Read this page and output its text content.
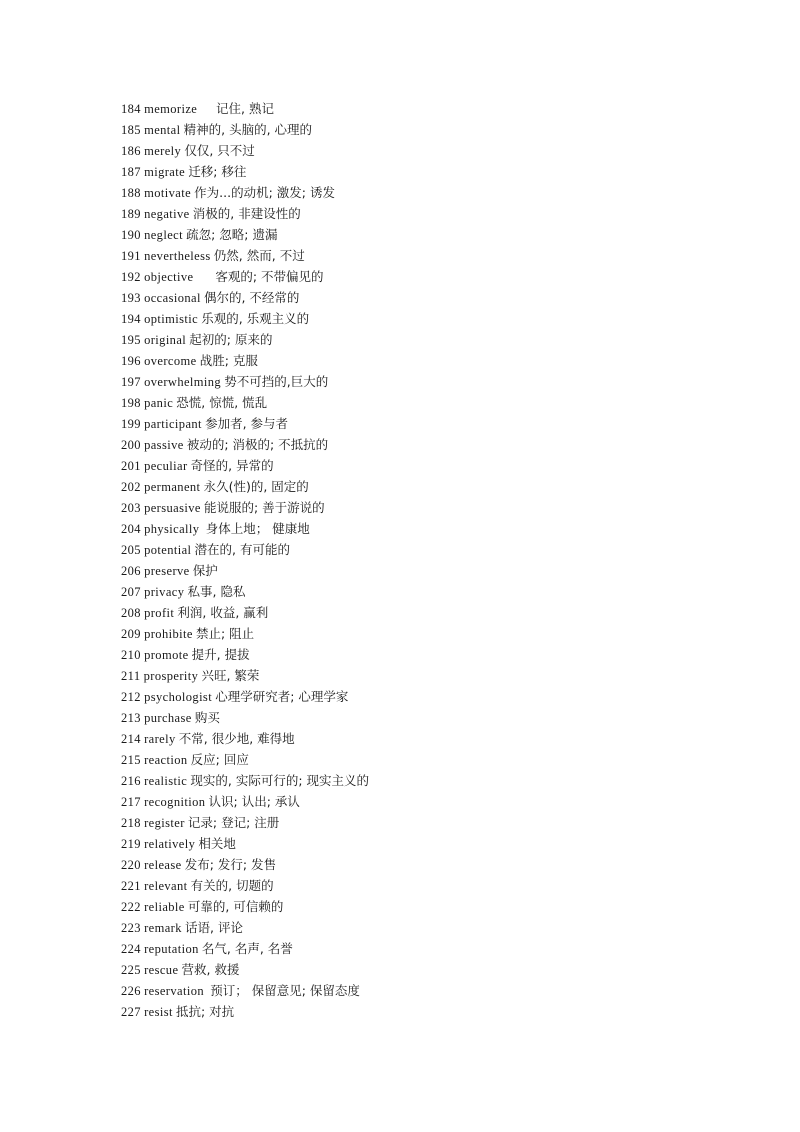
184 memorize 记住, 熟记
185 mental 精神的, 头脑的, 心理的
186 merely 仅仅, 只不过
187 migrate 迁移; 移往
188 motivate 作为...的动机; 激发; 诱发
189 negative 消极的, 非建设性的
190 neglect 疏忽; 忽略; 遗漏
191 nevertheless 仍然, 然而, 不过
192 objective 客观的; 不带偏见的
193 occasional 偶尔的, 不经常的
194 optimistic 乐观的, 乐观主义的
195 original 起初的; 原来的
196 overcome 战胜; 克服
197 overwhelming 势不可挡的,巨大的
198 panic 恐慌, 惊慌, 慌乱
199 participant 参加者, 参与者
200 passive 被动的; 消极的; 不抵抗的
201 peculiar 奇怪的, 异常的
202 permanent 永久(性)的, 固定的
203 persuasive 能说服的; 善于游说的
204 physically 身体上地； 健康地
205 potential 潜在的, 有可能的
206 preserve 保护
207 privacy 私事, 隐私
208 profit 利润, 收益, 赢利
209 prohibite 禁止; 阻止
210 promote 提升, 提拔
211 prosperity 兴旺, 繁荣
212 psychologist 心理学研究者; 心理学家
213 purchase 购买
214 rarely 不常, 很少地, 难得地
215 reaction 反应; 回应
216 realistic 现实的, 实际可行的; 现实主义的
217 recognition 认识; 认出; 承认
218 register 记录; 登记; 注册
219 relatively 相关地
220 release 发布; 发行; 发售
221 relevant 有关的, 切题的
222 reliable 可靠的, 可信赖的
223 remark 话语, 评论
224 reputation 名气, 名声, 名誉
225 rescue 营救, 救援
226 reservation 预订； 保留意见; 保留态度
227 resist 抵抗; 对抗
